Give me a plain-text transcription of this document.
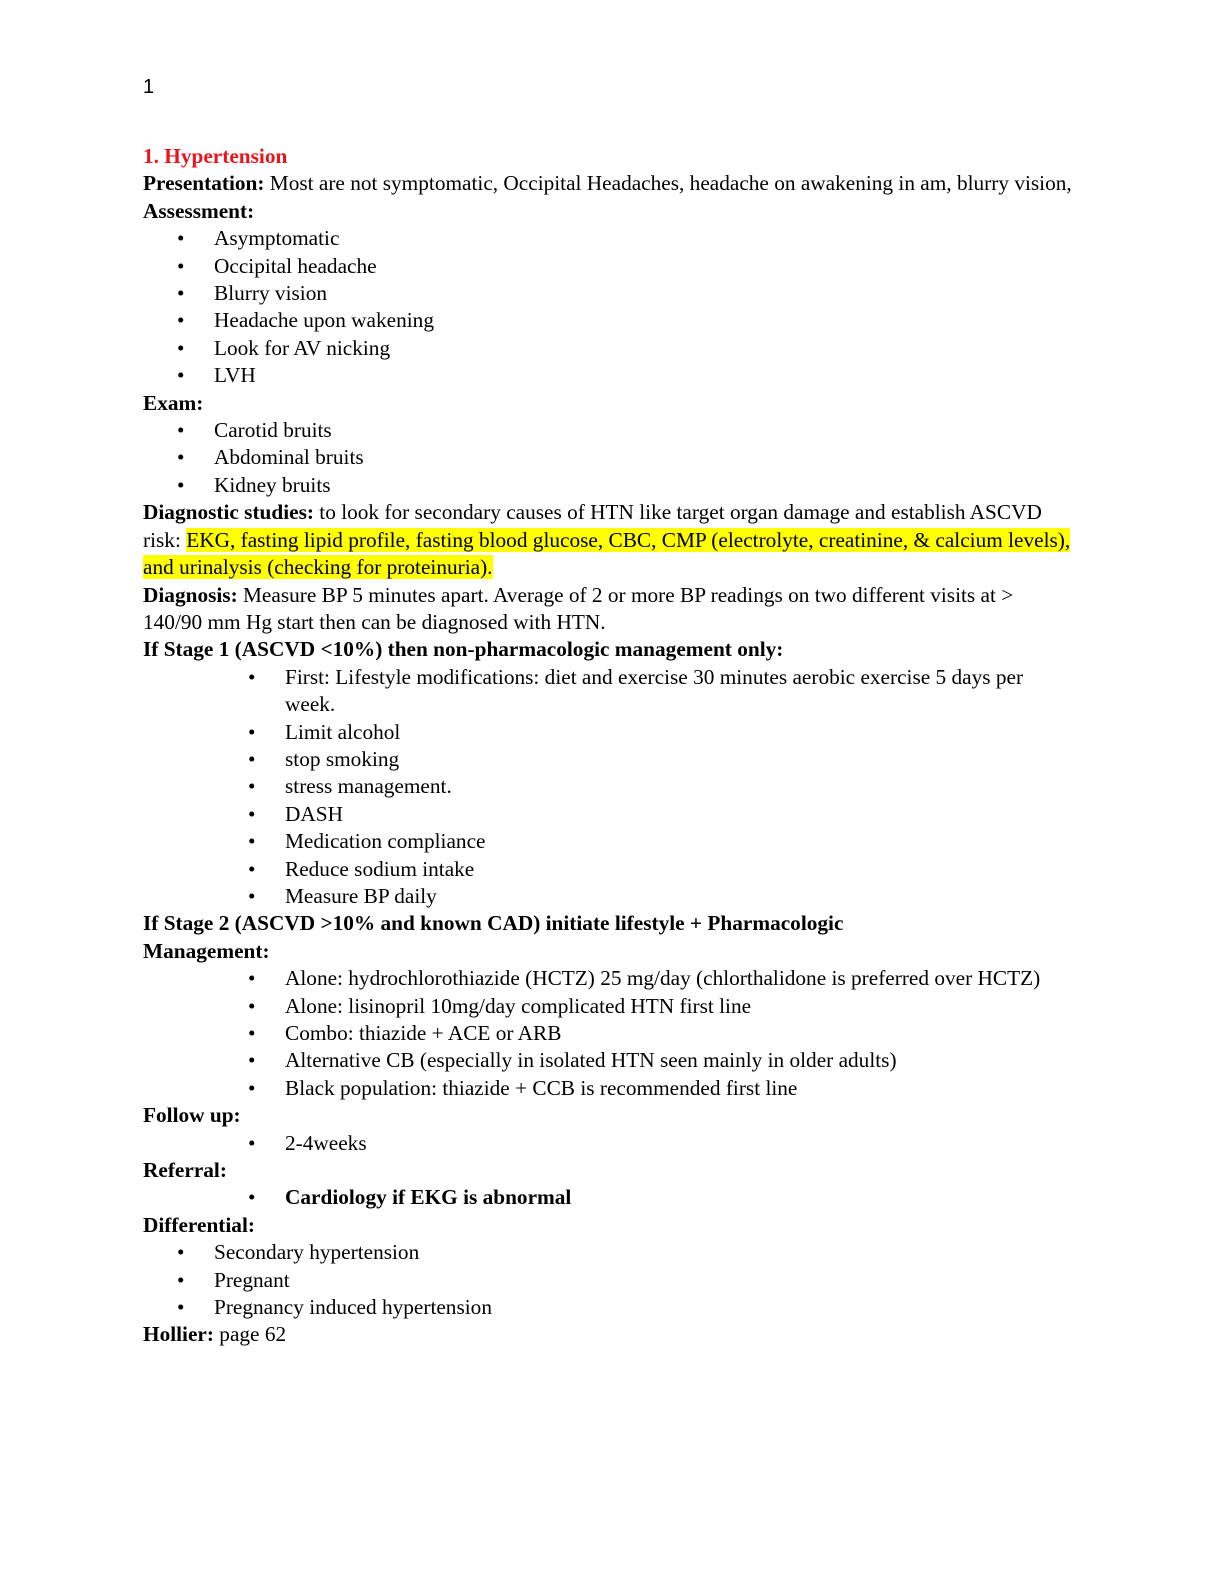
1
1. Hypertension

Presentation: Most are not symptomatic, Occipital Headaches, headache on awakening in am, blurry vision,

Assessment:
• Asymptomatic
• Occipital headache
• Blurry vision
• Headache upon wakening
• Look for AV nicking
• LVH
Exam:
• Carotid bruits
• Abdominal bruits
• Kidney bruits

Diagnostic studies: to look for secondary causes of HTN like target organ damage and establish ASCVD risk: EKG, fasting lipid profile, fasting blood glucose, CBC, CMP (electrolyte, creatinine, & calcium levels), and urinalysis (checking for proteinuria).

Diagnosis: Measure BP 5 minutes apart. Average of 2 or more BP readings on two different visits at > 140/90 mm Hg start then can be diagnosed with HTN.

If Stage 1 (ASCVD <10%) then non-pharmacologic management only:
• First: Lifestyle modifications: diet and exercise 30 minutes aerobic exercise 5 days per week.
• Limit alcohol
• stop smoking
• stress management.
• DASH
• Medication compliance
• Reduce sodium intake
• Measure BP daily
If Stage 2 (ASCVD >10% and known CAD) initiate lifestyle + Pharmacologic Management:
• Alone: hydrochlorothiazide (HCTZ) 25 mg/day (chlorthalidone is preferred over HCTZ)
• Alone: lisinopril 10mg/day complicated HTN first line
• Combo: thiazide + ACE or ARB
• Alternative CB (especially in isolated HTN seen mainly in older adults)
• Black population: thiazide + CCB is recommended first line
Follow up:
• 2-4weeks
Referral:
• Cardiology if EKG is abnormal
Differential:
• Secondary hypertension
• Pregnant
• Pregnancy induced hypertension

Hollier: page 62
